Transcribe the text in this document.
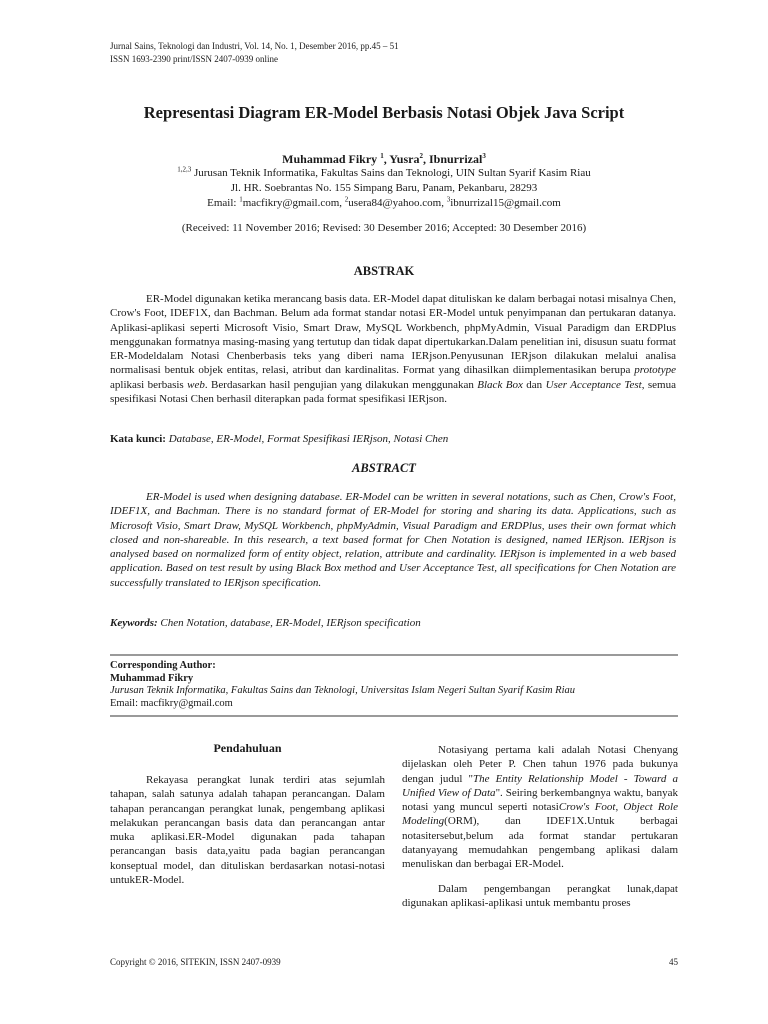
Jurnal Sains, Teknologi dan Industri, Vol. 14, No. 1, Desember 2016, pp.45 – 51
ISSN 1693-2390 print/ISSN 2407-0939 online
Representasi Diagram ER-Model Berbasis Notasi Objek Java Script
Muhammad Fikry $^1$, Yusra$^2$, Ibnurrizal$^3$
$^{1,2,3}$ Jurusan Teknik Informatika, Fakultas Sains dan Teknologi, UIN Sultan Syarif Kasim Riau
Jl. HR. Soebrantas No. 155 Simpang Baru, Panam, Pekanbaru, 28293
Email: $^1$macfikry@gmail.com, $^2$usera84@yahoo.com, $^3$ibnurrizal15@gmail.com
(Received: 11 November 2016; Revised: 30 Desember 2016; Accepted: 30 Desember 2016)
ABSTRAK
ER-Model digunakan ketika merancang basis data. ER-Model dapat dituliskan ke dalam berbagai notasi misalnya Chen, Crow's Foot, IDEF1X, dan Bachman. Belum ada format standar notasi ER-Model untuk penyimpanan dan pertukaran datanya. Aplikasi-aplikasi seperti Microsoft Visio, Smart Draw, MySQL Workbench, phpMyAdmin, Visual Paradigm dan ERDPlus menggunakan formatnya masing-masing yang tertutup dan tidak dapat dipertukarkan.Dalam penelitian ini, disusun suatu format ER-Modeldalam Notasi Chenberbasis teks yang diberi nama IERjson.Penyusunan IERjson dilakukan melalui analisa normalisasi bentuk objek entitas, relasi, atribut dan kardinalitas. Format yang dihasilkan diimplementasikan berupa prototype aplikasi berbasis web. Berdasarkan hasil pengujian yang dilakukan menggunakan Black Box dan User Acceptance Test, semua spesifikasi Notasi Chen berhasil diterapkan pada format spesifikasi IERjson.
Kata kunci: Database, ER-Model, Format Spesifikasi IERjson, Notasi Chen
ABSTRACT
ER-Model is used when designing database. ER-Model can be written in several notations, such as Chen, Crow's Foot, IDEF1X, and Bachman. There is no standard format of ER-Model for storing and sharing its data. Applications, such as Microsoft Visio, Smart Draw, MySQL Workbench, phpMyAdmin, Visual Paradigm and ERDPlus, uses their own format which closed and non-shareable. In this research, a text based format for Chen Notation is designed, named IERjson. IERjson is analysed based on normalized form of entity object, relation, attribute and cardinality. IERjson is implemented in a web based application. Based on test result by using Black Box method and User Acceptance Test, all specifications for Chen Notation are successfully translated to IERjson specification.
Keywords: Chen Notation, database, ER-Model, IERjson specification
Corresponding Author:
Muhammad Fikry
Jurusan Teknik Informatika, Fakultas Sains dan Teknologi, Universitas Islam Negeri Sultan Syarif Kasim Riau
Email: macfikry@gmail.com
Pendahuluan
Rekayasa perangkat lunak terdiri atas sejumlah tahapan, salah satunya adalah tahapan perancangan. Dalam tahapan perancangan perangkat lunak, pengembang aplikasi melakukan perancangan basis data dan perancangan antar muka aplikasi.ER-Model digunakan pada tahapan perancangan basis data,yaitu pada bagian perancangan konseptual model, dan dituliskan berdasarkan notasi-notasi untukER-Model.
Notasiyang pertama kali adalah Notasi Chenyang dijelaskan oleh Peter P. Chen tahun 1976 pada bukunya dengan judul "The Entity Relationship Model - Toward a Unified View of Data". Seiring berkembangnya waktu, banyak notasi yang muncul seperti notasiCrow's Foot, Object Role Modeling(ORM), dan IDEF1X.Untuk berbagai notasitersebut,belum ada format standar pertukaran datanyayang memudahkan pengembang aplikasi dalam menuliskan dan berbagai ER-Model.
Dalam pengembangan perangkat lunak,dapat digunakan aplikasi-aplikasi untuk membantu proses
Copyright © 2016, SITEKIN, ISSN 2407-0939	45
